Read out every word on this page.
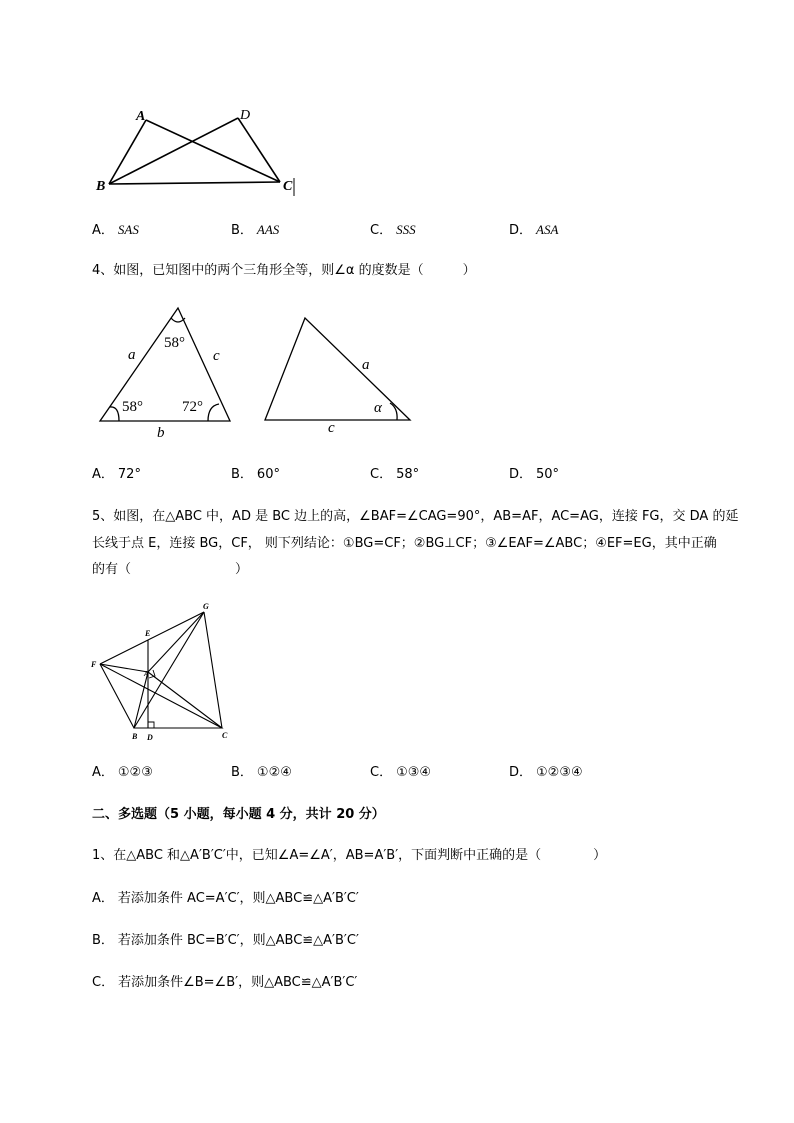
A	D
B	C
A． SAS	B． AAS	C． SSS	D． ASA
4、如图，已知图中的两个三角形全等，则∠α 的度数是（　　　）
58°
58°	72°
a	c
b
a
α
c
A． 72°	B． 60°	C． 58°	D． 50°
5、如图，在△ABC 中，AD 是 BC 边上的高，∠BAF=∠CAG=90°，AB=AF，AC=AG，连接 FG，交 DA 的延
长线于点 E，连接 BG，CF， 则下列结论：①BG=CF；②BG⊥CF；③∠EAF=∠ABC；④EF=EG，其中正确
的有（　　　　　　　　）
G
E
F
A
B D	C
A． ①②③	B． ①②④	C． ①③④	D． ①②③④
二、多选题（5 小题，每小题 4 分，共计 20 分）
1、在△ABC 和△A′B′C′中，已知∠A=∠A′，AB=A′B′，下面判断中正确的是（　　　　）
A． 若添加条件 AC=A′C′，则△ABC≌△A′B′C′
B． 若添加条件 BC=B′C′，则△ABC≌△A′B′C′
C． 若添加条件∠B=∠B′，则△ABC≌△A′B′C′
